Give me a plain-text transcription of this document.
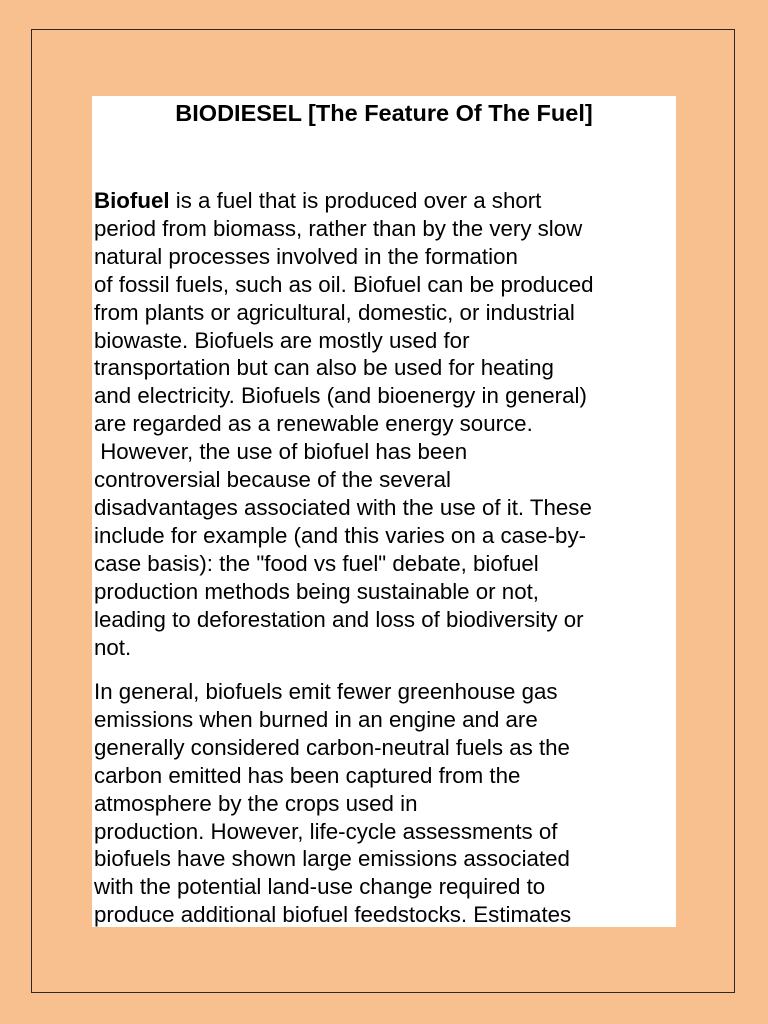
BIODIESEL [The Feature Of The Fuel]
Biofuel is a fuel that is produced over a short
period from biomass, rather than by the very slow
natural processes involved in the formation
of fossil fuels, such as oil. Biofuel can be produced
from plants or agricultural, domestic, or industrial
biowaste. Biofuels are mostly used for
transportation but can also be used for heating
and electricity. Biofuels (and bioenergy in general)
are regarded as a renewable energy source.
However, the use of biofuel has been
controversial because of the several
disadvantages associated with the use of it. These
include for example (and this varies on a case-by-
case basis): the "food vs fuel" debate, biofuel
production methods being sustainable or not,
leading to deforestation and loss of biodiversity or
not.
In general, biofuels emit fewer greenhouse gas
emissions when burned in an engine and are
generally considered carbon-neutral fuels as the
carbon emitted has been captured from the
atmosphere by the crops used in
production. However, life-cycle assessments of
biofuels have shown large emissions associated
with the potential land-use change required to
produce additional biofuel feedstocks. Estimates
